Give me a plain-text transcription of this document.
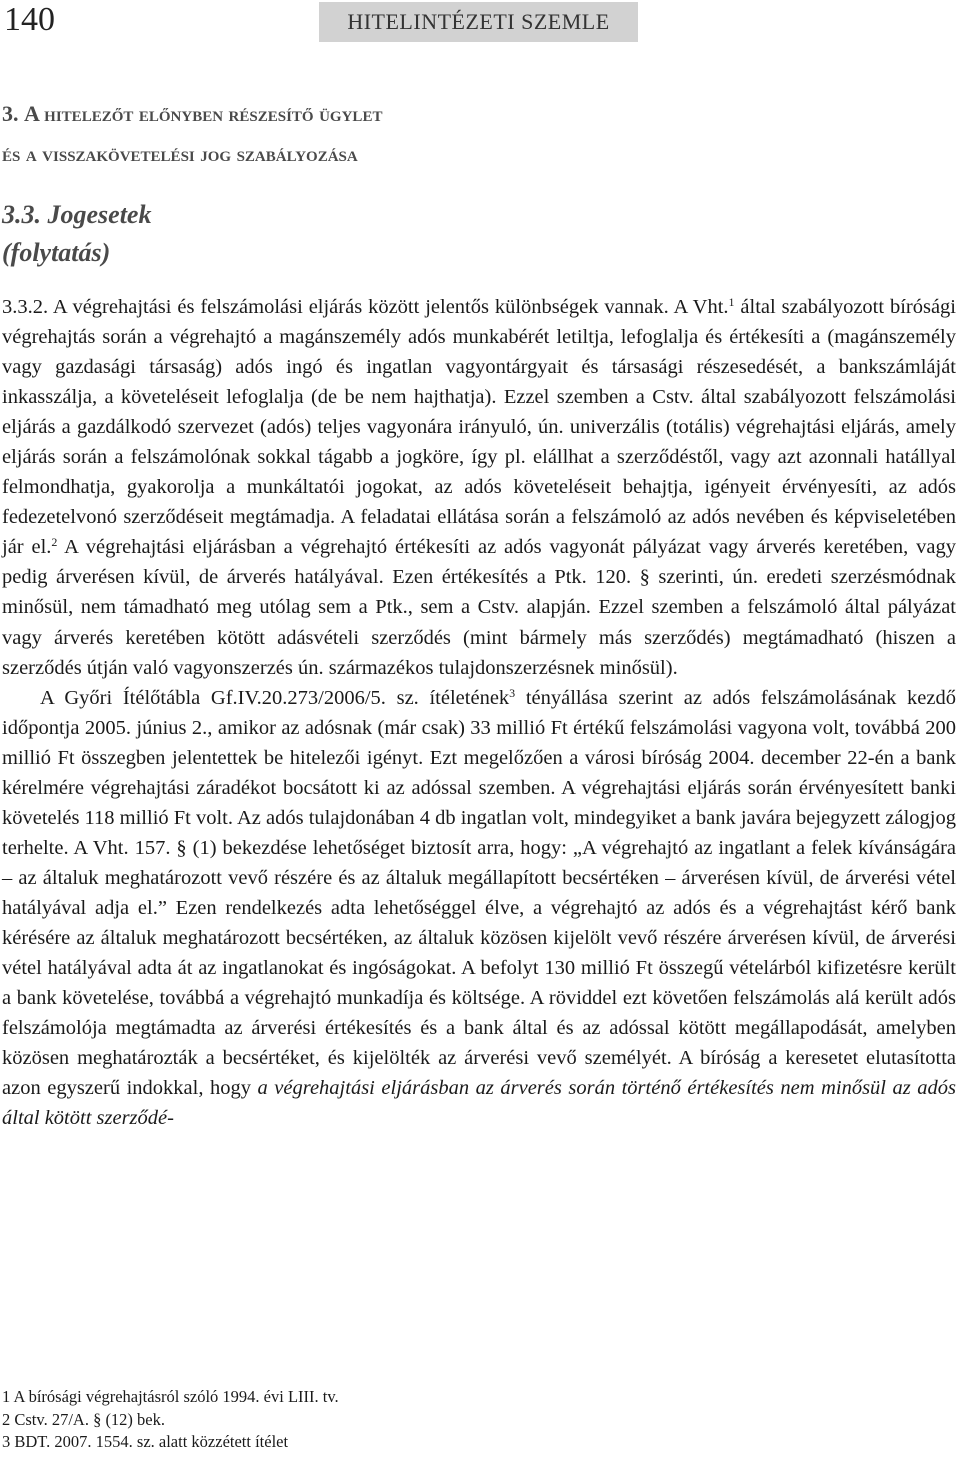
140	HITELINTÉZETI SZEMLE
3. A hitelezőt előnyben részesítő ügylet
és a visszakövetelési jog szabályozása
3.3. Jogesetek
(folytatás)

3.3.2. A végrehajtási és felszámolási eljárás között jelentős különbségek vannak. A Vht.$^1$ által szabályozott bírósági végrehajtás során a végrehajtó a magánszemély adós munkabérét letiltja, lefoglalja és értékesíti a (magánszemély vagy gazdasági társaság) adós ingó és ingatlan vagyontárgyait és társasági részesedését, a bankszámláját inkasszálja, a követeléseit lefoglalja (de be nem hajthatja). Ezzel szemben a Cstv. által szabályozott felszámolási eljárás a gazdálkodó szervezet (adós) teljes vagyonára irányuló, ún. univerzális (totális) végrehajtási eljárás, amely eljárás során a felszámolónak sokkal tágabb a jogköre, így pl. elállhat a szerződéstől, vagy azt azonnali hatállyal felmondhatja, gyakorolja a munkáltatói jogokat, az adós követeléseit behajtja, igényeit érvényesíti, az adós fedezetelvonó szerződéseit megtámadja. A feladatai ellátása során a felszámoló az adós nevében és képviseletében jár el.$^2$ A végrehajtási eljárásban a végrehajtó értékesíti az adós vagyonát pályázat vagy árverés keretében, vagy pedig árverésen kívül, de árverés hatályával. Ezen értékesítés a Ptk. 120. § szerinti, ún. eredeti szerzésmódnak minősül, nem támadható meg utólag sem a Ptk., sem a Cstv. alapján. Ezzel szemben a felszámoló által pályázat vagy árverés keretében kötött adásvételi szerződés (mint bármely más szerződés) megtámadható (hiszen a szerződés útján való vagyonszerzés ún. származékos tulajdonszerzésnek minősül).

A Győri Ítélőtábla Gf.IV.20.273/2006/5. sz. ítéletének$^3$ tényállása szerint az adós felszámolásának kezdő időpontja 2005. június 2., amikor az adósnak (már csak) 33 millió Ft értékű felszámolási vagyona volt, továbbá 200 millió Ft összegben jelentettek be hitelezői igényt. Ezt megelőzően a városi bíróság 2004. december 22-én a bank kérelmére végrehajtási záradékot bocsátott ki az adóssal szemben. A végrehajtási eljárás során érvényesített banki követelés 118 millió Ft volt. Az adós tulajdonában 4 db ingatlan volt, mindegyiket a bank javára bejegyzett zálogjog terhelte. A Vht. 157. § (1) bekezdése lehetőséget biztosít arra, hogy: „A végrehajtó az ingatlant a felek kívánságára – az általuk meghatározott vevő részére és az általuk megállapított becsértéken – árverésen kívül, de árverési vétel hatályával adja el.” Ezen rendelkezés adta lehetőséggel élve, a végrehajtó az adós és a végrehajtást kérő bank kérésére az általuk meghatározott becsértéken, az általuk közösen kijelölt vevő részére árverésen kívül, de árverési vétel hatályával adta át az ingatlanokat és ingóságokat. A befolyt 130 millió Ft összegű vételárból kifizetésre került a bank követelése, továbbá a végrehajtó munkadíja és költsége. A röviddel ezt követően felszámolás alá került adós felszámolója megtámadta az árverési értékesítés és a bank által és az adóssal kötött megállapodását, amelyben közösen meghatározták a becsértéket, és kijelölték az árverési vevő személyét. A bíróság a keresetet elutasította azon egyszerű indokkal, hogy a végrehajtási eljárásban az árverés során történő értékesítés nem minősül az adós által kötött szerződé-

1 A bírósági végrehajtásról szóló 1994. évi LIII. tv.
2 Cstv. 27/A. § (12) bek.
3 BDT. 2007. 1554. sz. alatt közzétett ítélet
